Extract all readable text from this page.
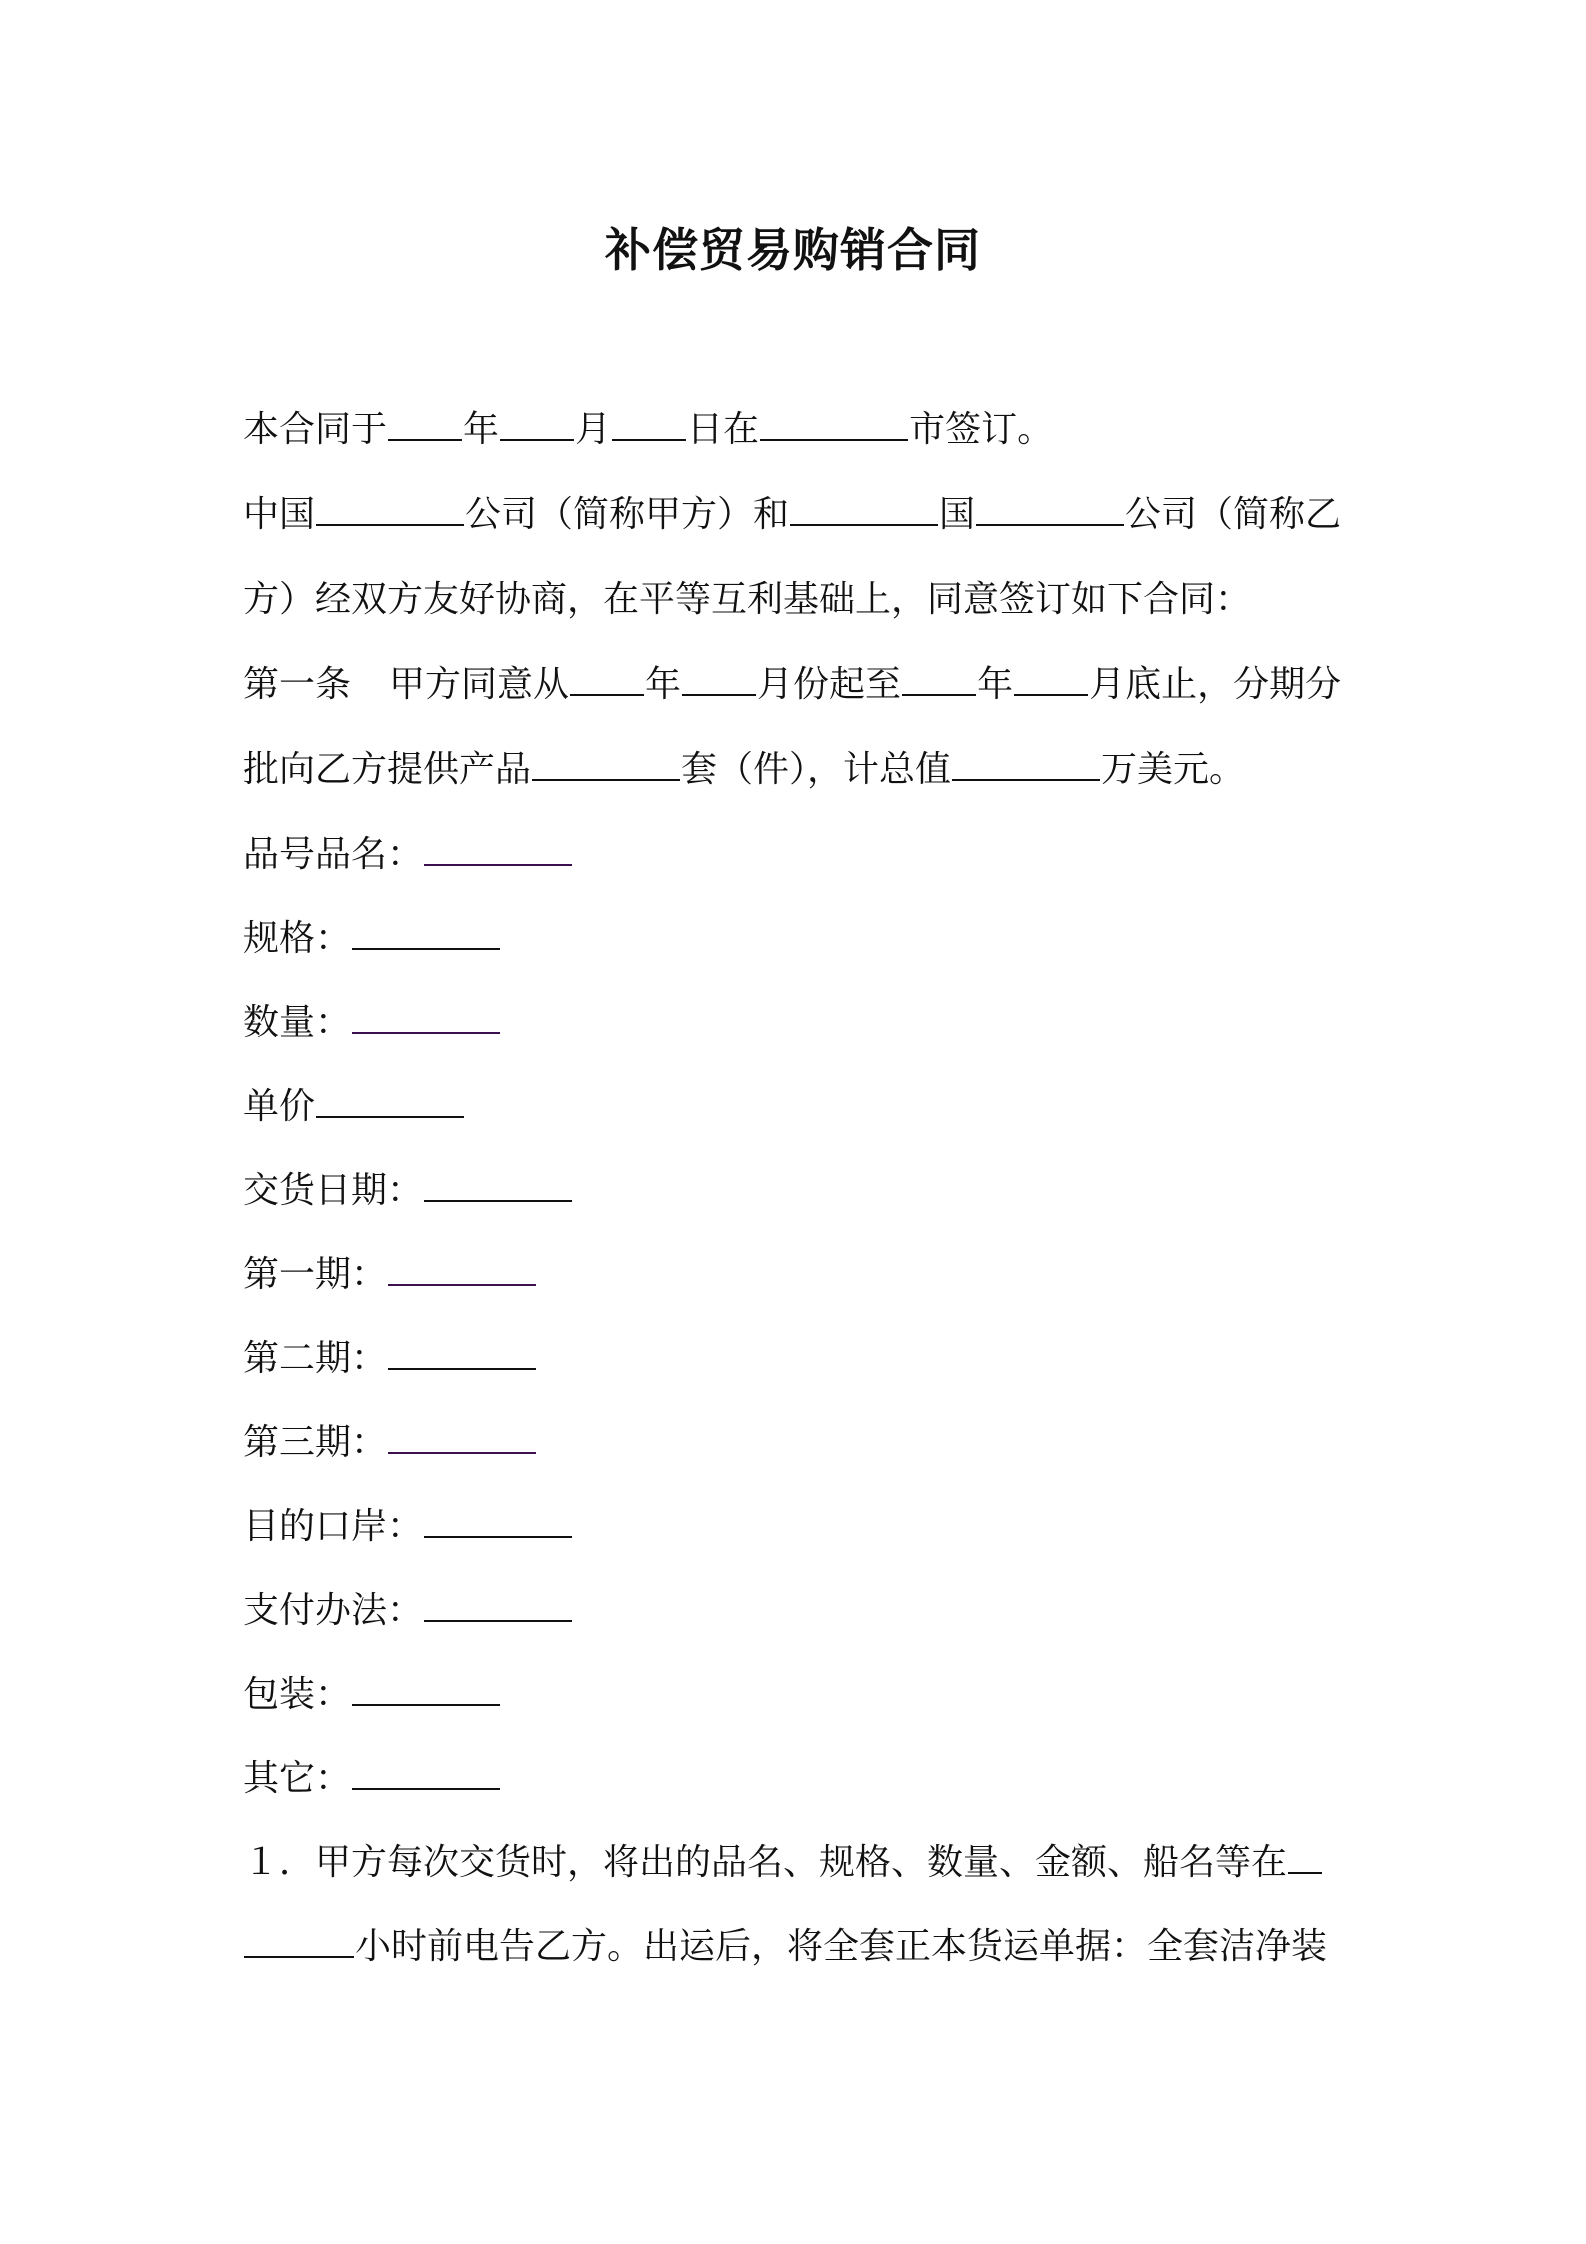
补偿贸易购销合同
本合同于 年 月 日在	市签订。
中国	公司（简称甲方）和	国	公司（简称乙
方）经双方友好协商，在平等互利基础上，同意签订如下合同：
第一条 甲方同意从 年 月份起至 年 月底止，分期分
批向乙方提供产品	套（件），计总值	万美元。
品号品名：
规格：
数量：
单价
交货日期：
第一期：
第二期：
第三期：
目的口岸：
支付办法：
包装：
其它：
１．甲方每次交货时，将出的品名、规格、数量、金额、船名等在
小时前电告乙方。出运后，将全套正本货运单据：全套洁净装
